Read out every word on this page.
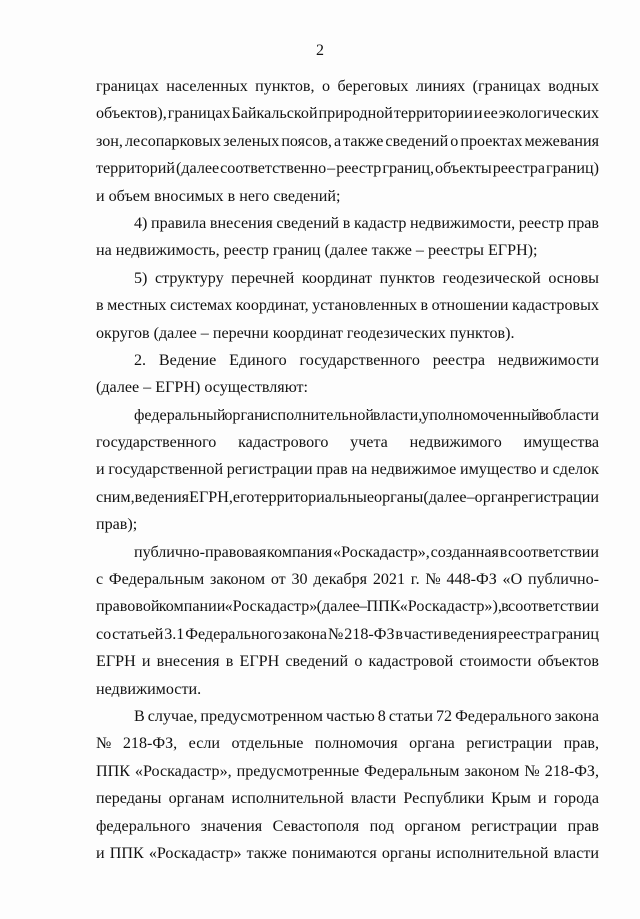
2
границах населенных пунктов, о береговых линиях (границах водных
объектов), границах Байкальской природной территории и ее экологических
зон, лесопарковых зеленых поясов, а также сведений о проектах межевания
территорий (далее соответственно – реестр границ, объекты реестра границ)
и объем вносимых в него сведений;
4) правила внесения сведений в кадастр недвижимости, реестр прав
на недвижимость, реестр границ (далее также – реестры ЕГРН);
5) структуру перечней координат пунктов геодезической основы
в местных системах координат, установленных в отношении кадастровых
округов (далее – перечни координат геодезических пунктов).
2. Ведение Единого государственного реестра недвижимости
(далее – ЕГРН) осуществляют:
федеральный орган исполнительной власти, уполномоченный в области
государственного кадастрового учета недвижимого имущества
и государственной регистрации прав на недвижимое имущество и сделок
с ним, ведения ЕГРН, его территориальные органы (далее – орган регистрации
прав);
публично-правовая компания «Роскадастр», созданная в соответствии
с Федеральным законом от 30 декабря 2021 г. № 448-ФЗ «О публично-
правовой компании «Роскадастр» (далее – ППК «Роскадастр»), в соответствии
со статьей 3.1 Федерального закона № 218-ФЗ в части ведения реестра границ
ЕГРН и внесения в ЕГРН сведений о кадастровой стоимости объектов
недвижимости.
В случае, предусмотренном частью 8 статьи 72 Федерального закона
№ 218-ФЗ, если отдельные полномочия органа регистрации прав,
ППК «Роскадастр», предусмотренные Федеральным законом № 218-ФЗ,
переданы органам исполнительной власти Республики Крым и города
федерального значения Севастополя под органом регистрации прав
и ППК «Роскадастр» также понимаются органы исполнительной власти
